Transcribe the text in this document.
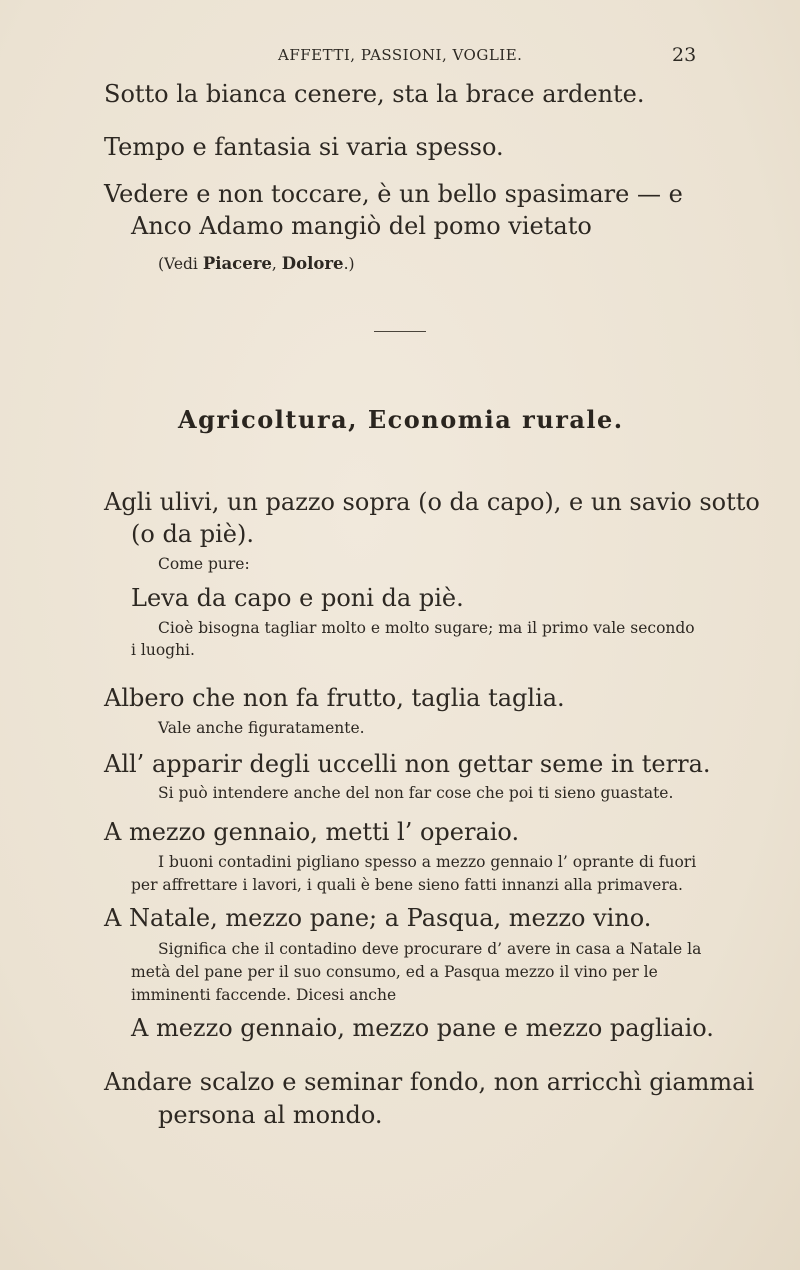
AFFETTI, PASSIONI, VOGLIE.	23
Sotto la bianca cenere, sta la brace ardente.
Tempo e fantasia si varia spesso.
Vedere e non toccare, è un bello spasimare — e
Anco Adamo mangiò del pomo vietato
(Vedi Piacere, Dolore.)
Agricoltura, Economia rurale.
Agli ulivi, un pazzo sopra (o da capo), e un savio sotto
(o da piè).
Come pure:
Leva da capo e poni da piè.
Cioè bisogna tagliar molto e molto sugare; ma il primo vale secondo
i luoghi.
Albero che non fa frutto, taglia taglia.
Vale anche figuratamente.
All’ apparir degli uccelli non gettar seme in terra.
Si può intendere anche del non far cose che poi ti sieno guastate.
A mezzo gennaio, metti l’ operaio.
I buoni contadini pigliano spesso a mezzo gennaio l’ oprante di fuori
per affrettare i lavori, i quali è bene sieno fatti innanzi alla primavera.
A Natale, mezzo pane; a Pasqua, mezzo vino.
Significa che il contadino deve procurare d’ avere in casa a Natale la
metà del pane per il suo consumo, ed a Pasqua mezzo il vino per le
imminenti faccende. Dicesi anche
A mezzo gennaio, mezzo pane e mezzo pagliaio.
Andare scalzo e seminar fondo, non arricchì giammai
persona al mondo.
